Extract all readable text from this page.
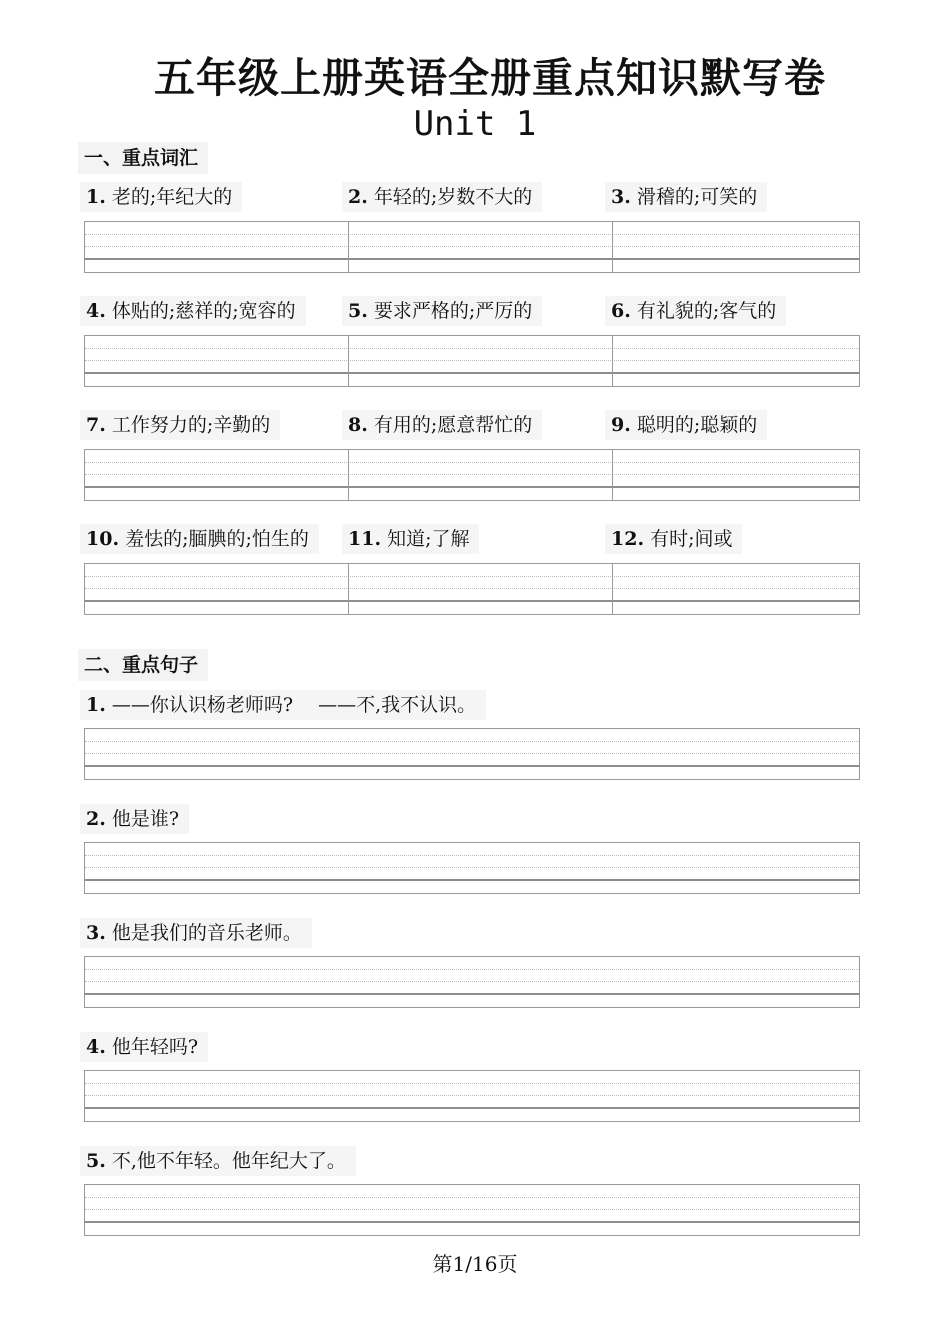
五年级上册英语全册重点知识默写卷
Unit 1
一、重点词汇
1. 老的;年纪大的	2. 年轻的;岁数不大的	3. 滑稽的;可笑的
4. 体贴的;慈祥的;宽容的	5. 要求严格的;严厉的	6. 有礼貌的;客气的
7. 工作努力的;辛勤的	8. 有用的;愿意帮忙的	9. 聪明的;聪颖的
10. 羞怯的;腼腆的;怕生的	11. 知道;了解	12. 有时;间或
二、重点句子
1. ——你认识杨老师吗?　 ——不,我不认识。
2. 他是谁?
3. 他是我们的音乐老师。
4. 他年轻吗?
5. 不,他不年轻。他年纪大了。
第1/16页
